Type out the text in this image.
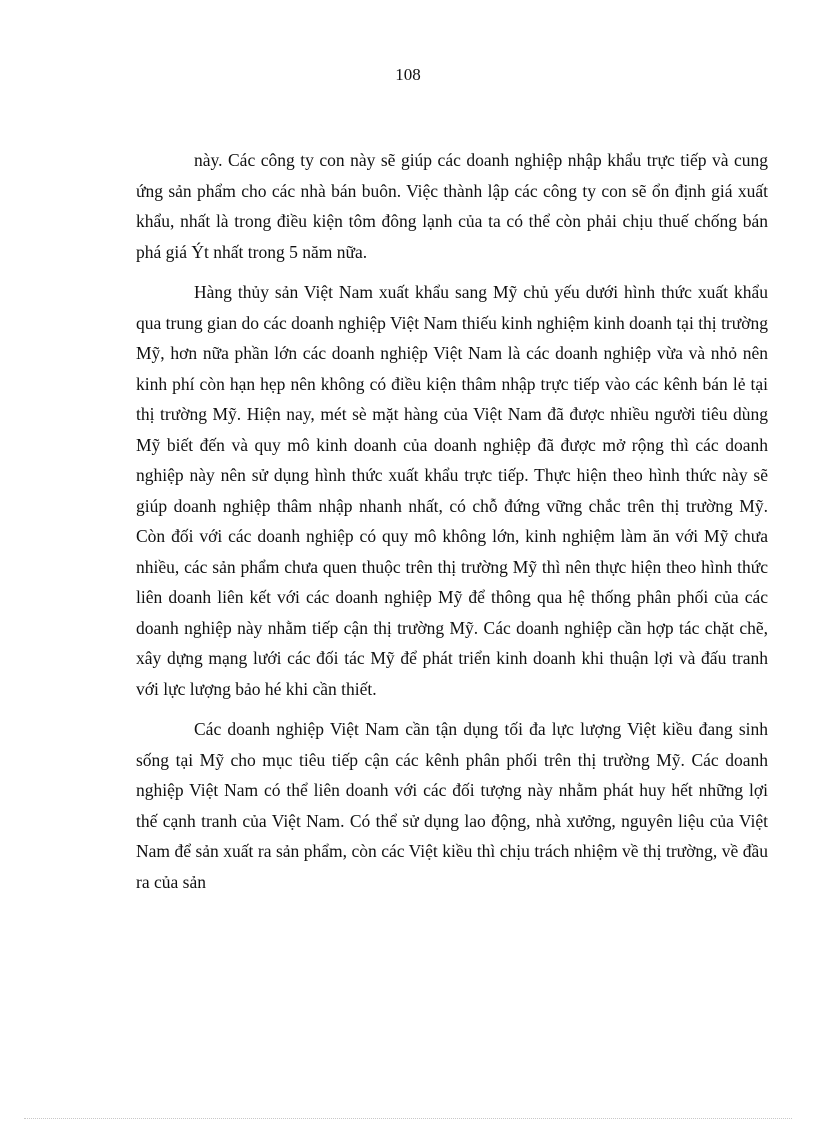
108

này. Các công ty con này sẽ giúp các doanh nghiệp nhập khẩu trực tiếp và cung ứng sản phẩm cho các nhà bán buôn. Việc thành lập các công ty con sẽ ổn định giá xuất khẩu, nhất là trong điều kiện tôm đông lạnh của ta có thể còn phải chịu thuế chống bán phá giá Ýt nhất trong 5 năm nữa.

Hàng thủy sản Việt Nam xuất khẩu sang Mỹ chủ yếu dưới hình thức xuất khẩu qua trung gian do các doanh nghiệp Việt Nam thiếu kinh nghiệm kinh doanh tại thị trường Mỹ, hơn nữa phần lớn các doanh nghiệp Việt Nam là các doanh nghiệp vừa và nhỏ nên kinh phí còn hạn hẹp nên không có điều kiện thâm nhập trực tiếp vào các kênh bán lẻ tại thị trường Mỹ. Hiện nay, mét sè mặt hàng của Việt Nam đã được nhiều người tiêu dùng Mỹ biết đến và quy mô kinh doanh của doanh nghiệp đã được mở rộng thì các doanh nghiệp này nên sử dụng hình thức xuất khẩu trực tiếp. Thực hiện theo hình thức này sẽ giúp doanh nghiệp thâm nhập nhanh nhất, có chỗ đứng vững chắc trên thị trường Mỹ. Còn đối với các doanh nghiệp có quy mô không lớn, kinh nghiệm làm ăn với Mỹ chưa nhiều, các sản phẩm chưa quen thuộc trên thị trường Mỹ thì nên thực hiện theo hình thức liên doanh liên kết với các doanh nghiệp Mỹ để thông qua hệ thống phân phối của các doanh nghiệp này nhằm tiếp cận thị trường Mỹ. Các doanh nghiệp cần hợp tác chặt chẽ, xây dựng mạng lưới các đối tác Mỹ để phát triển kinh doanh khi thuận lợi và đấu tranh với lực lượng bảo hé khi cần thiết.

Các doanh nghiệp Việt Nam cần tận dụng tối đa lực lượng Việt kiều đang sinh sống tại Mỹ cho mục tiêu tiếp cận các kênh phân phối trên thị trường Mỹ. Các doanh nghiệp Việt Nam có thể liên doanh với các đối tượng này nhằm phát huy hết những lợi thế cạnh tranh của Việt Nam. Có thể sử dụng lao động, nhà xưởng, nguyên liệu của Việt Nam để sản xuất ra sản phẩm, còn các Việt kiều thì chịu trách nhiệm về thị trường, về đầu ra của sản
